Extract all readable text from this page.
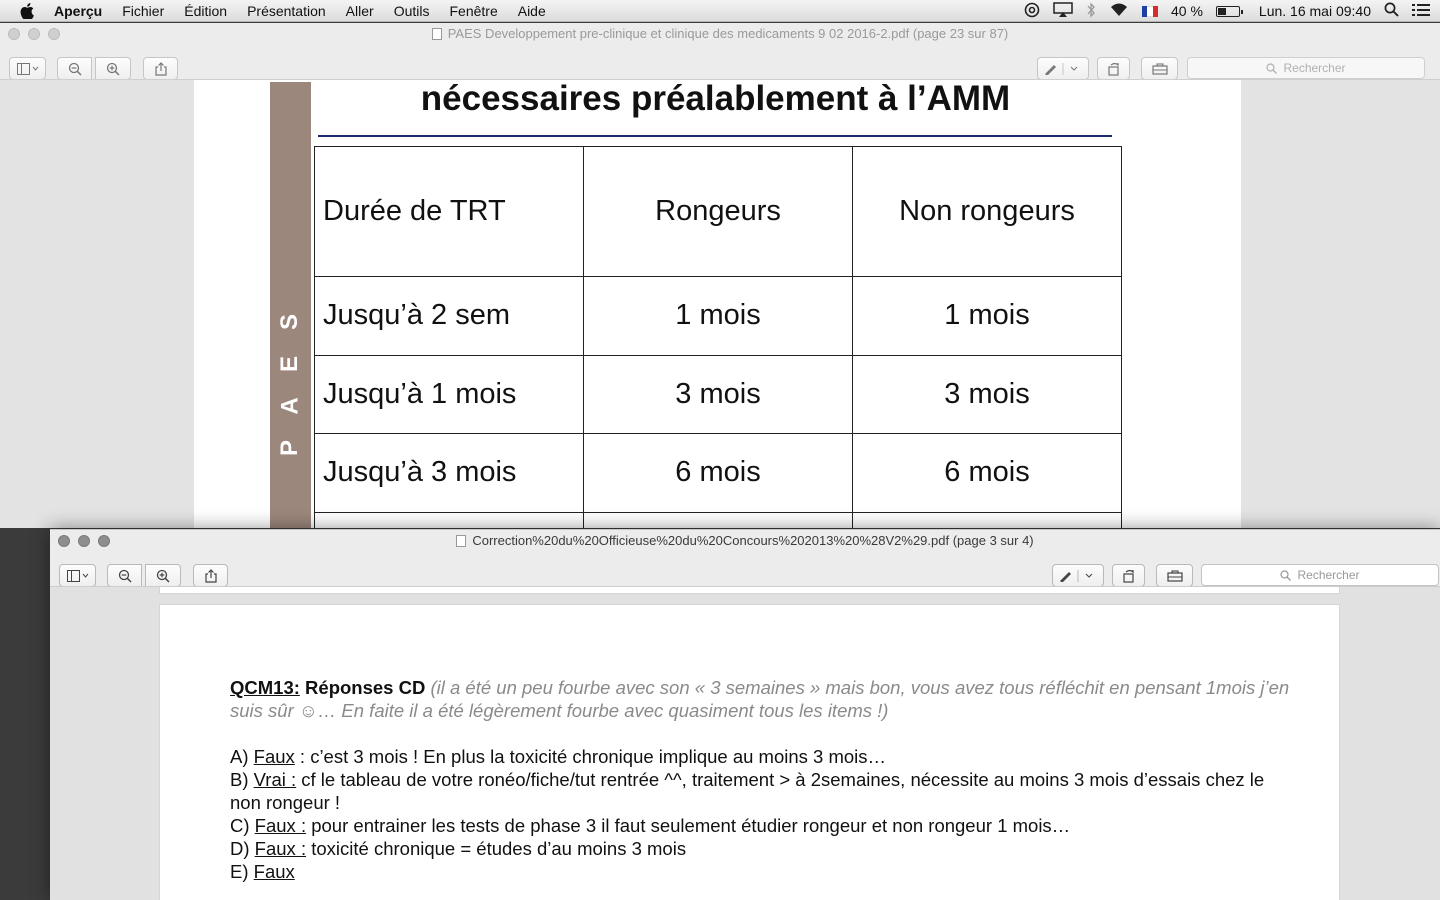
Aperçu Fichier Édition Présentation Aller Outils Fenêtre Aide	40 %	Lun. 16 mai 09:40
PAES Developpement pre-clinique et clinique des medicaments 9 02 2016-2.pdf (page 23 sur 87)
Rechercher
S
E
A
P
nécessaires préalablement à l’AMM
Durée de TRT	Rongeurs	Non rongeurs
Jusqu’à 2 sem	1 mois	1 mois
Jusqu’à 1 mois	3 mois	3 mois
Jusqu’à 3 mois	6 mois	6 mois

Correction%20du%20Officieuse%20du%20Concours%202013%20%28V2%29.pdf (page 3 sur 4)
Rechercher
QCM13: Réponses CD (il a été un peu fourbe avec son « 3 semaines » mais bon, vous avez tous réfléchit en pensant 1mois j’en suis sûr ☺… En faite il a été légèrement fourbe avec quasiment tous les items !)
A) Faux : c’est 3 mois ! En plus la toxicité chronique implique au moins 3 mois…
B) Vrai : cf le tableau de votre ronéo/fiche/tut rentrée ^^, traitement > à 2semaines, nécessite au moins 3 mois d’essais chez le non rongeur !
C) Faux : pour entrainer les tests de phase 3 il faut seulement étudier rongeur et non rongeur 1 mois…
D) Faux : toxicité chronique = études d’au moins 3 mois
E) Faux
